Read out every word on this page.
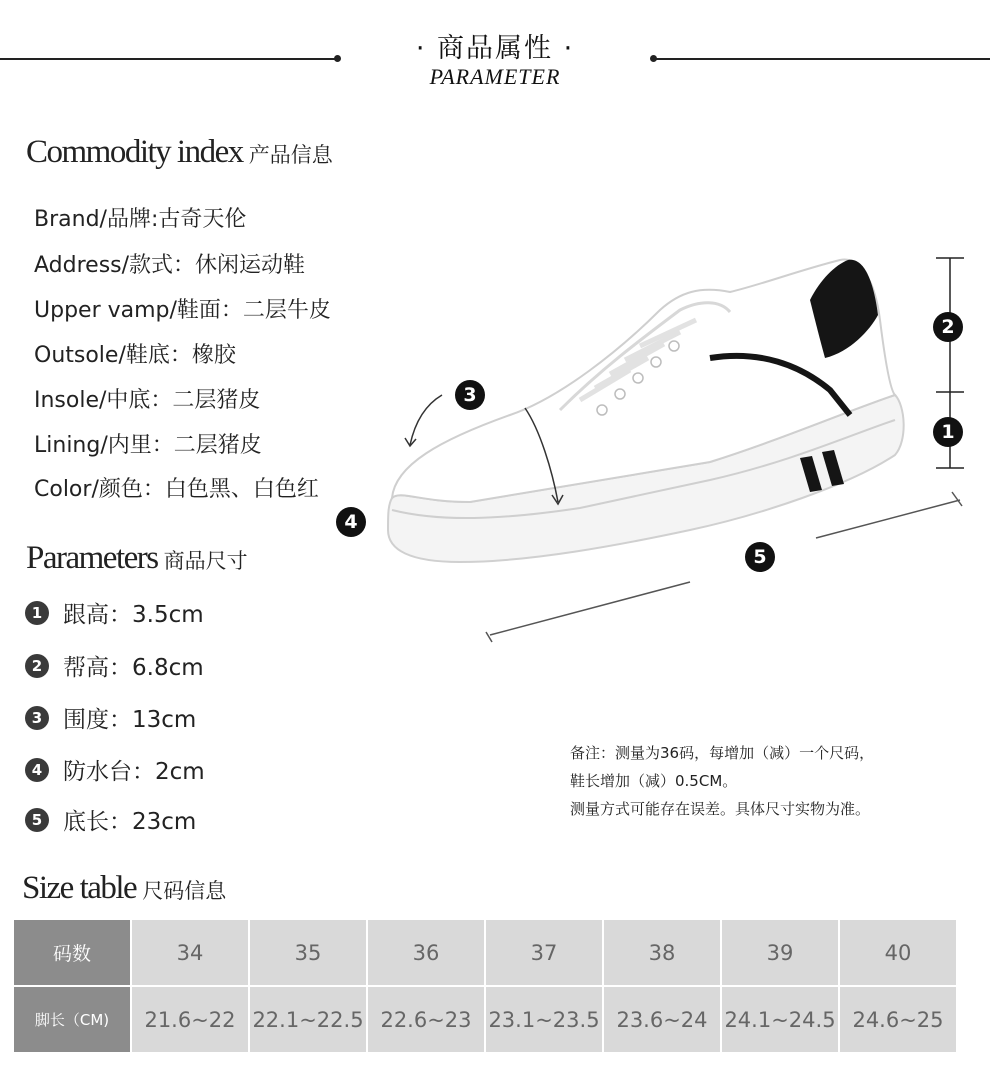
· 商品属性 ·
PARAMETER
Commodity index 产品信息
Brand/品牌:古奇天伦
Address/款式：休闲运动鞋
Upper vamp/鞋面：二层牛皮
Outsole/鞋底：橡胶
Insole/中底：二层猪皮
Lining/内里：二层猪皮
Color/颜色：白色黑、白色红
Parameters 商品尺寸
1 跟高：3.5cm
2 帮高：6.8cm
3 围度：13cm
4 防水台：2cm
5 底长：23cm
2
1
3
4
5
备注：测量为36码，每增加（减）一个尺码，
鞋长增加（减）0.5CM。
测量方式可能存在误差。具体尺寸实物为准。
Size table 尺码信息
码数	34	35	36	37	38	39	40
脚长（CM)	21.6~22	22.1~22.5	22.6~23	23.1~23.5	23.6~24	24.1~24.5	24.6~25
